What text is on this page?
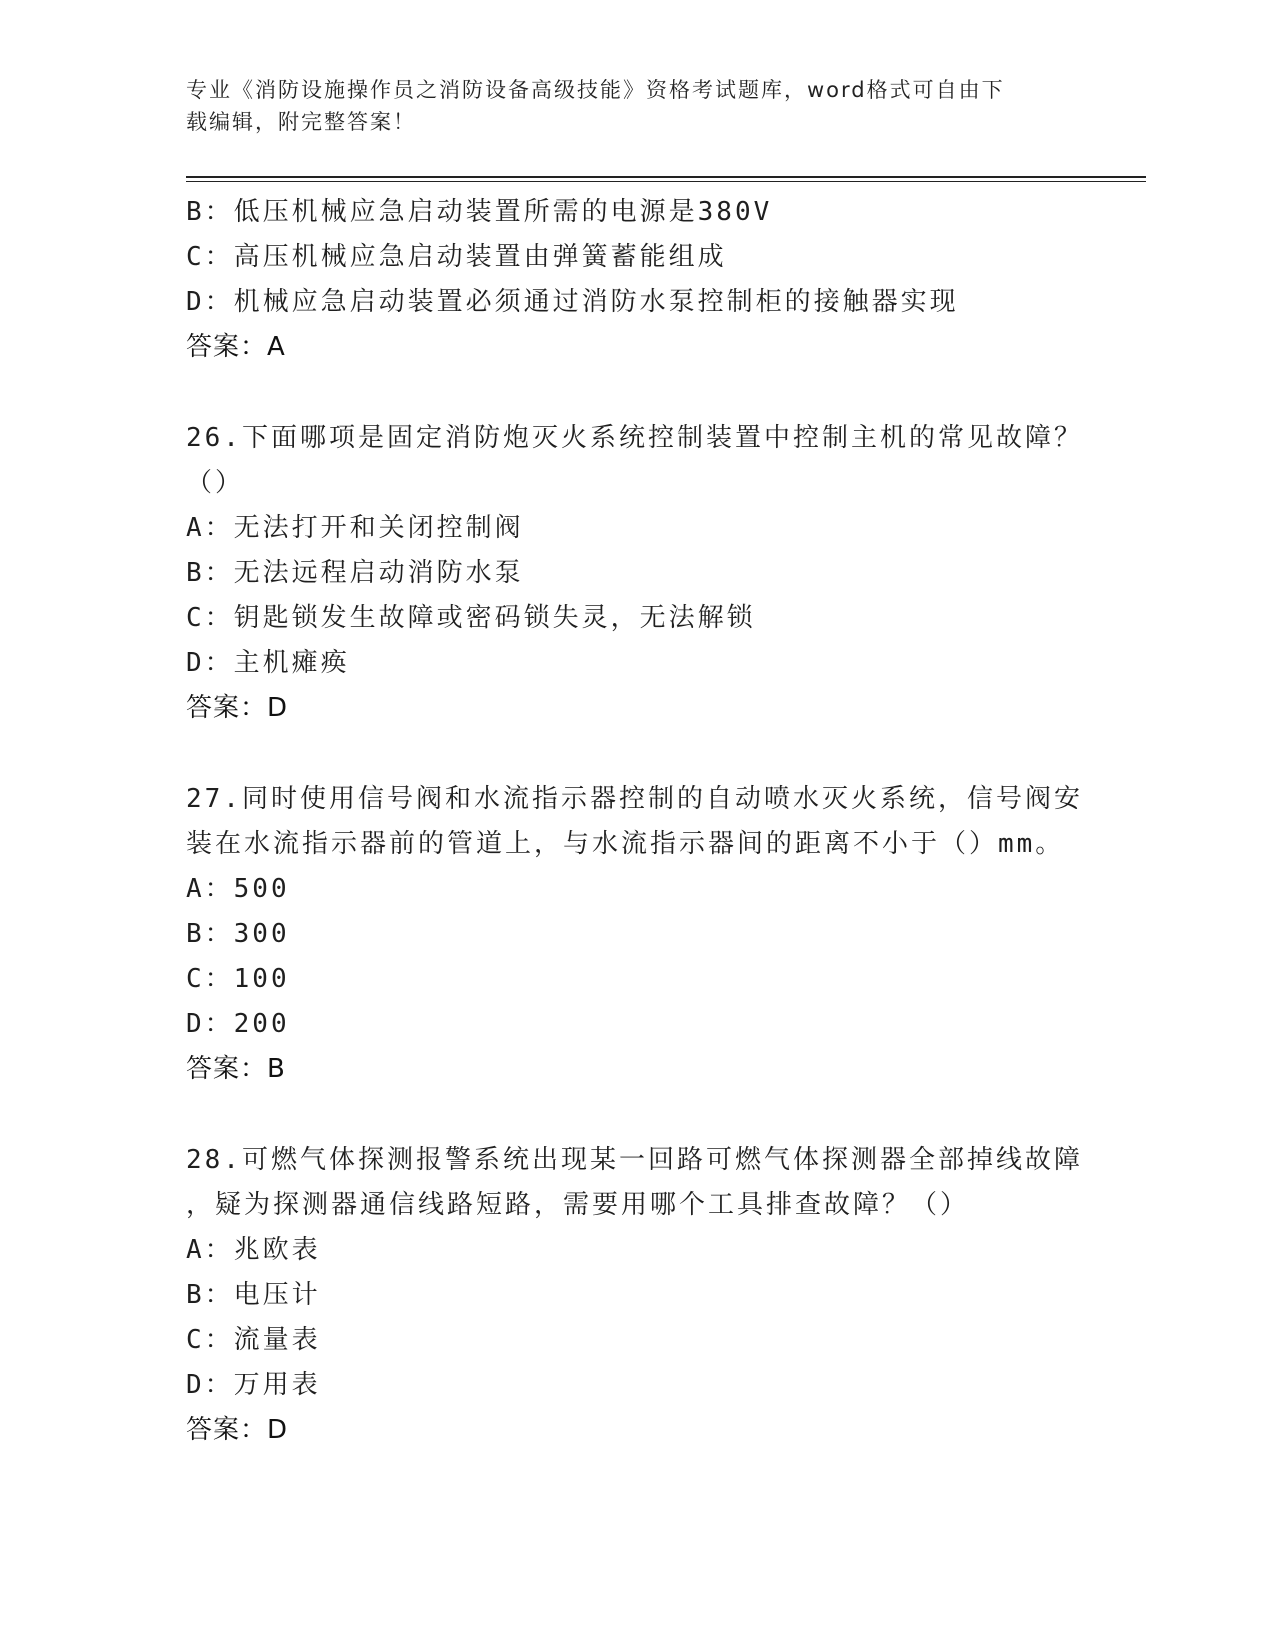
专业《消防设施操作员之消防设备高级技能》资格考试题库，word格式可自由下
载编辑，附完整答案！
B：低压机械应急启动装置所需的电源是380V
C：高压机械应急启动装置由弹簧蓄能组成
D：机械应急启动装置必须通过消防水泵控制柜的接触器实现
答案：A
26.下面哪项是固定消防炮灭火系统控制装置中控制主机的常见故障？
（）
A：无法打开和关闭控制阀
B：无法远程启动消防水泵
C：钥匙锁发生故障或密码锁失灵，无法解锁
D：主机瘫痪
答案：D
27.同时使用信号阀和水流指示器控制的自动喷水灭火系统，信号阀安
装在水流指示器前的管道上，与水流指示器间的距离不小于（）mm。
A：500
B：300
C：100
D：200
答案：B
28.可燃气体探测报警系统出现某一回路可燃气体探测器全部掉线故障
，疑为探测器通信线路短路，需要用哪个工具排查故障？（）
A：兆欧表
B：电压计
C：流量表
D：万用表
答案：D
